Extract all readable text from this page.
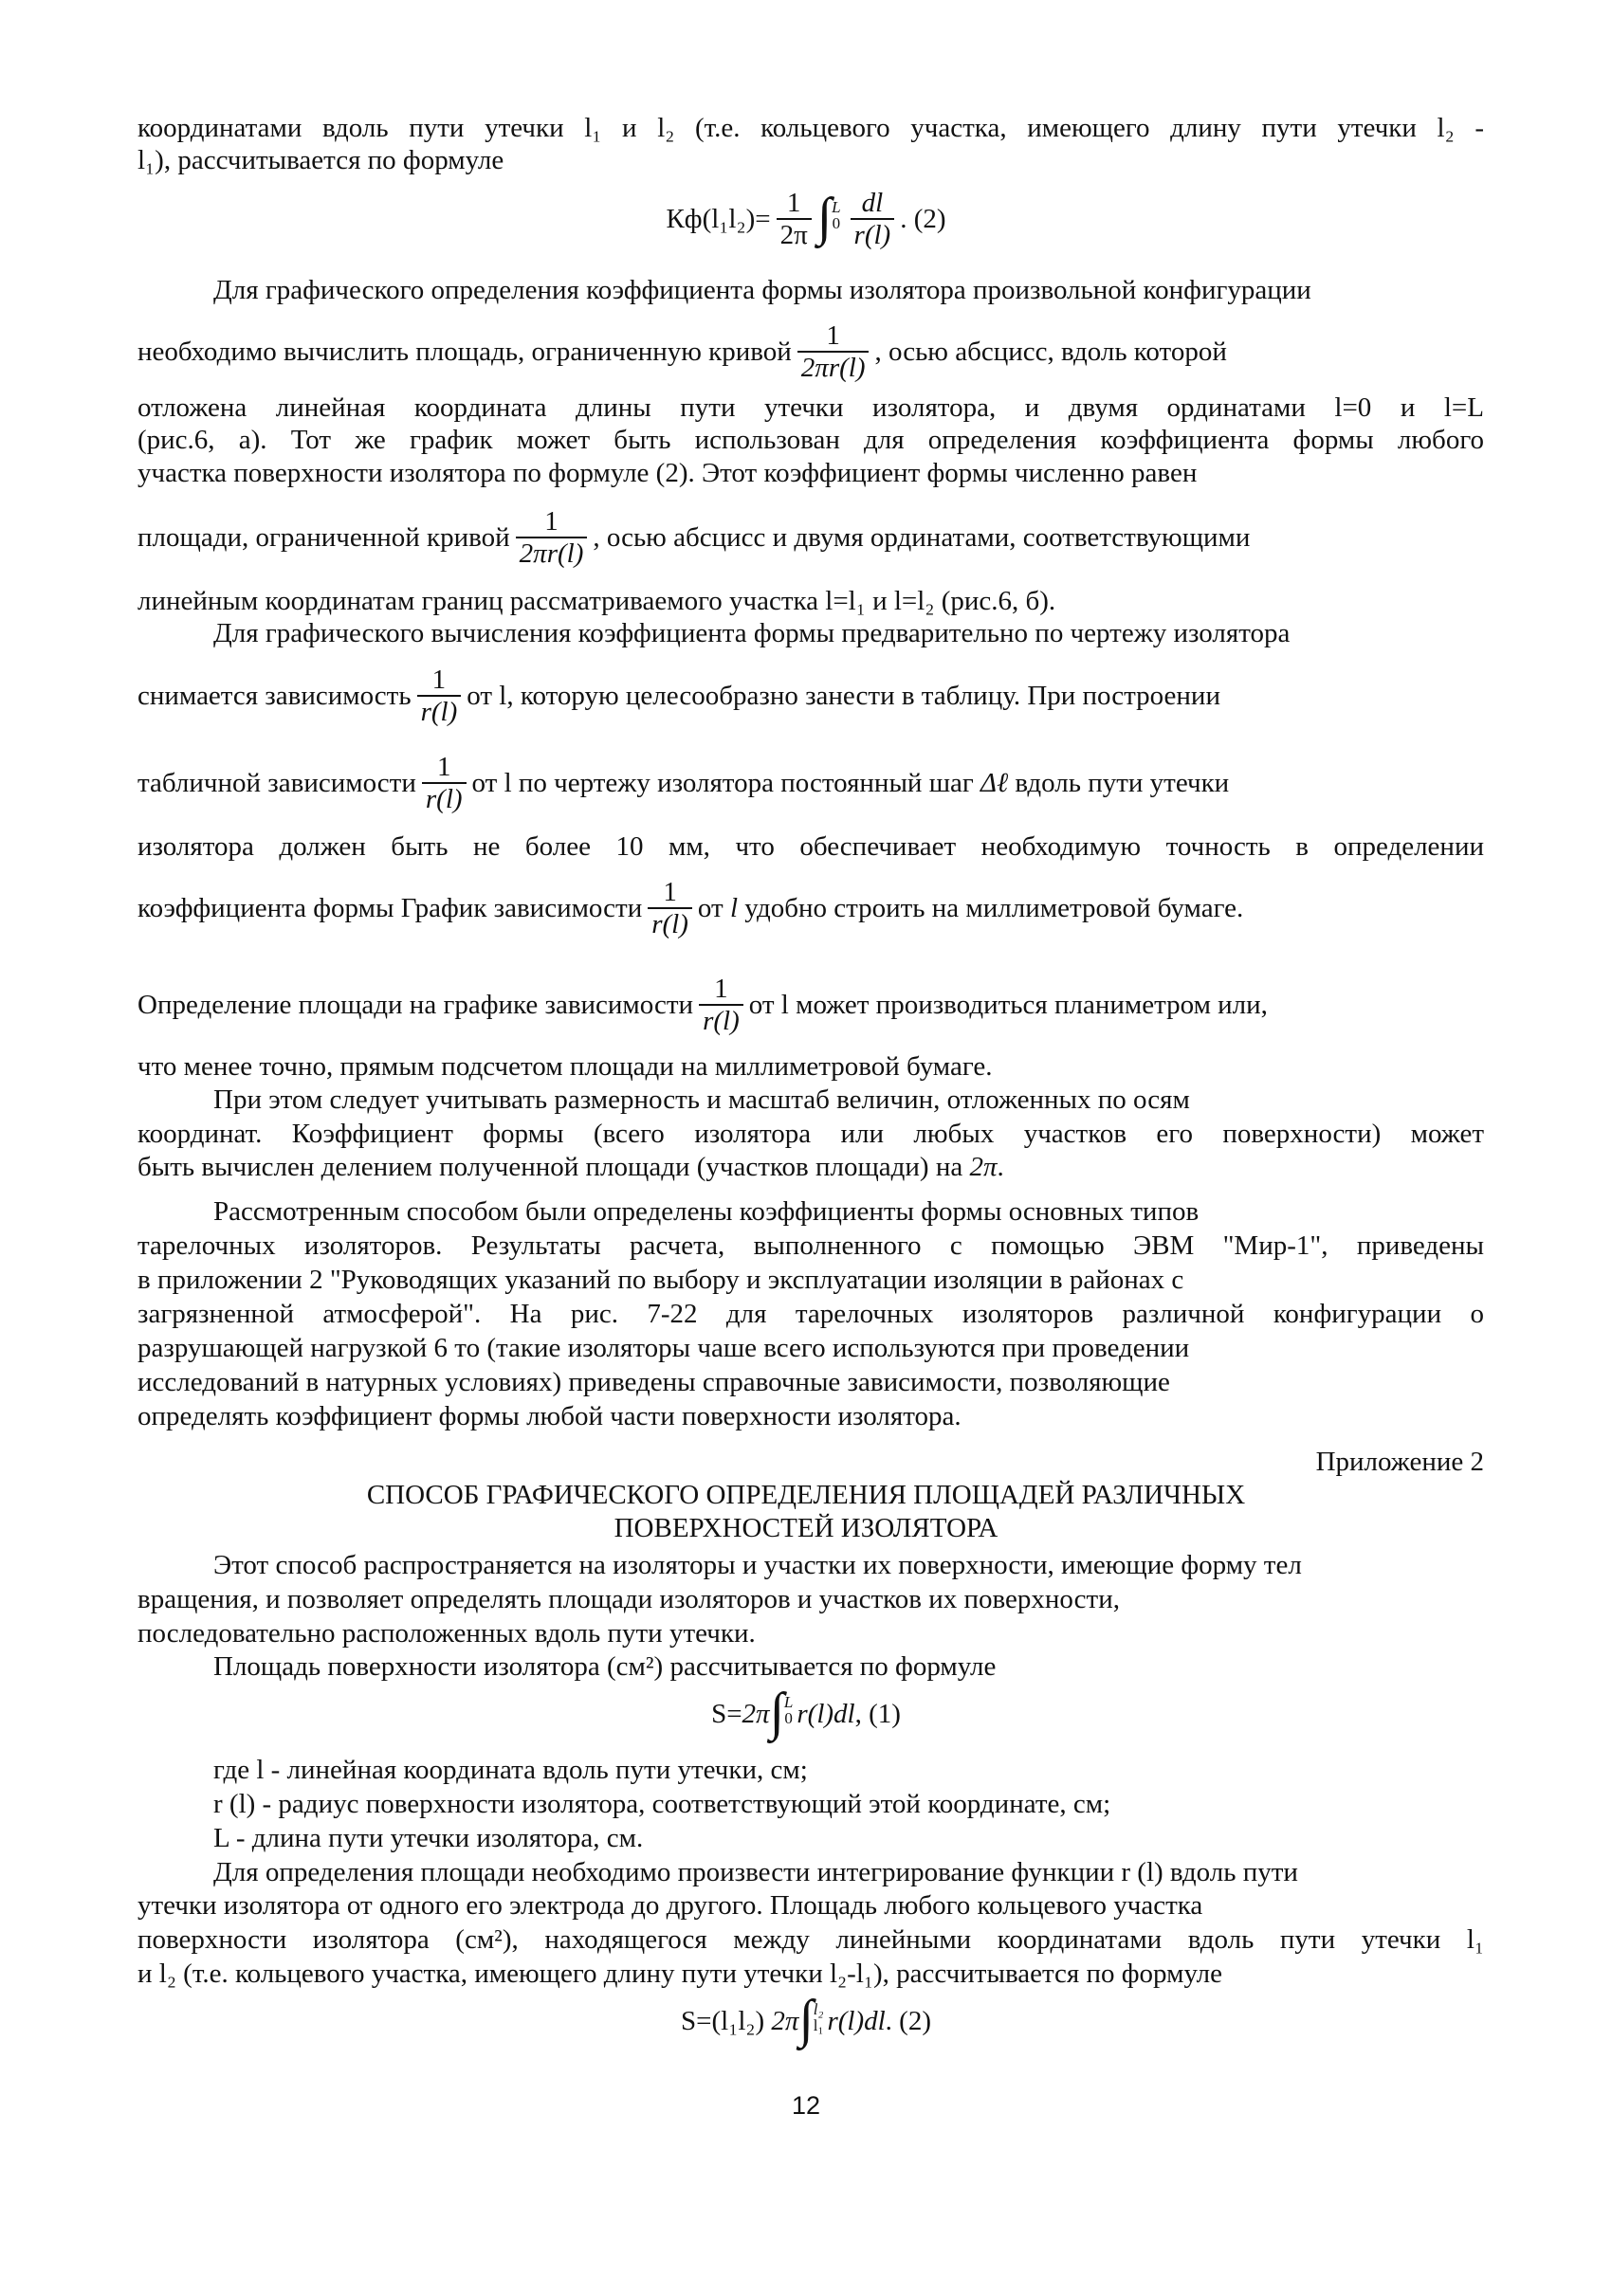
координатами вдоль пути утечки l₁ и l₂ (т.е. кольцевого участка, имеющего длину пути утечки l₂ -
l₁), рассчитывается по формуле
$Кф(l_1l_2)= \frac{1}{2\pi}$ ∫ L
$0 \frac{dl}{r(l)}$ . (2)
Для графического определения коэффициента формы изолятора произвольной конфигурации
необходимо вычислить площадь, ограниченную кривой $\frac{1}{2\pi r(l)}$ , осью абсцисс, вдоль которой
отложена линейная координата длины пути утечки изолятора, и двумя ординатами l=0 и l=L
(рис.6, а). Тот же график может быть использован для определения коэффициента формы любого
участка поверхности изолятора по формуле (2). Этот коэффициент формы численно равен
площади, ограниченной кривой $\frac{1}{2\pi r(l)}$ , осью абсцисс и двумя ординатами, соответствующими
линейным координатам границ рассматриваемого участка l=l₁ и l=l₂ (рис.6, б).
Для графического вычисления коэффициента формы предварительно по чертежу изолятора
снимается зависимость $\frac{1}{r(l)}$ от l, которую целесообразно занести в таблицу. При построении
табличной зависимости $\frac{1}{r(l)}$ от l по чертежу изолятора постоянный шаг Δℓ вдоль пути утечки
изолятора должен быть не более 10 мм, что обеспечивает необходимую точность в определении
коэффициента формы График зависимости $\frac{1}{r(l)}$ от l удобно строить на миллиметровой бумаге.
Определение площади на графике зависимости $\frac{1}{r(l)}$ от l может производиться планиметром или,
что менее точно, прямым подсчетом площади на миллиметровой бумаге.
При этом следует учитывать размерность и масштаб величин, отложенных по осям
координат. Коэффициент формы (всего изолятора или любых участков его поверхности) может
быть вычислен делением полученной площади (участков площади) на 2π.
Рассмотренным способом были определены коэффициенты формы основных типов
тарелочных изоляторов. Результаты расчета, выполненного с помощью ЭВМ "Мир-1", приведены
в приложении 2 "Руководящих указаний по выбору и эксплуатации изоляции в районах с
загрязненной атмосферой". На рис. 7-22 для тарелочных изоляторов различной конфигурации о
разрушающей нагрузкой 6 то (такие изоляторы чаше всего используются при проведении
исследований в натурных условиях) приведены справочные зависимости, позволяющие
определять коэффициент формы любой части поверхности изолятора.
Приложение 2
СПОСОБ ГРАФИЧЕСКОГО ОПРЕДЕЛЕНИЯ ПЛОЩАДЕЙ РАЗЛИЧНЫХ
ПОВЕРХНОСТЕЙ ИЗОЛЯТОРА
Этот способ распространяется на изоляторы и участки их поверхности, имеющие форму тел
вращения, и позволяет определять площади изоляторов и участков их поверхности,
последовательно расположенных вдоль пути утечки.
Площадь поверхности изолятора (см²) рассчитывается по формуле
S=2π∫ L
0 r(l)dl, (1)
где l - линейная координата вдоль пути утечки, см;
r (l) - радиус поверхности изолятора, соответствующий этой координате, см;
L - длина пути утечки изолятора, см.
Для определения площади необходимо произвести интегрирование функции r (l) вдоль пути
утечки изолятора от одного его электрода до другого. Площадь любого кольцевого участка
поверхности изолятора (см²), находящегося между линейными координатами вдоль пути утечки l₁
и l₂ (т.е. кольцевого участка, имеющего длину пути утечки l₂-l₁), рассчитывается по формуле
S=(l₁l₂) 2π∫ l₂
l₁ r(l)dl. (2)
12
